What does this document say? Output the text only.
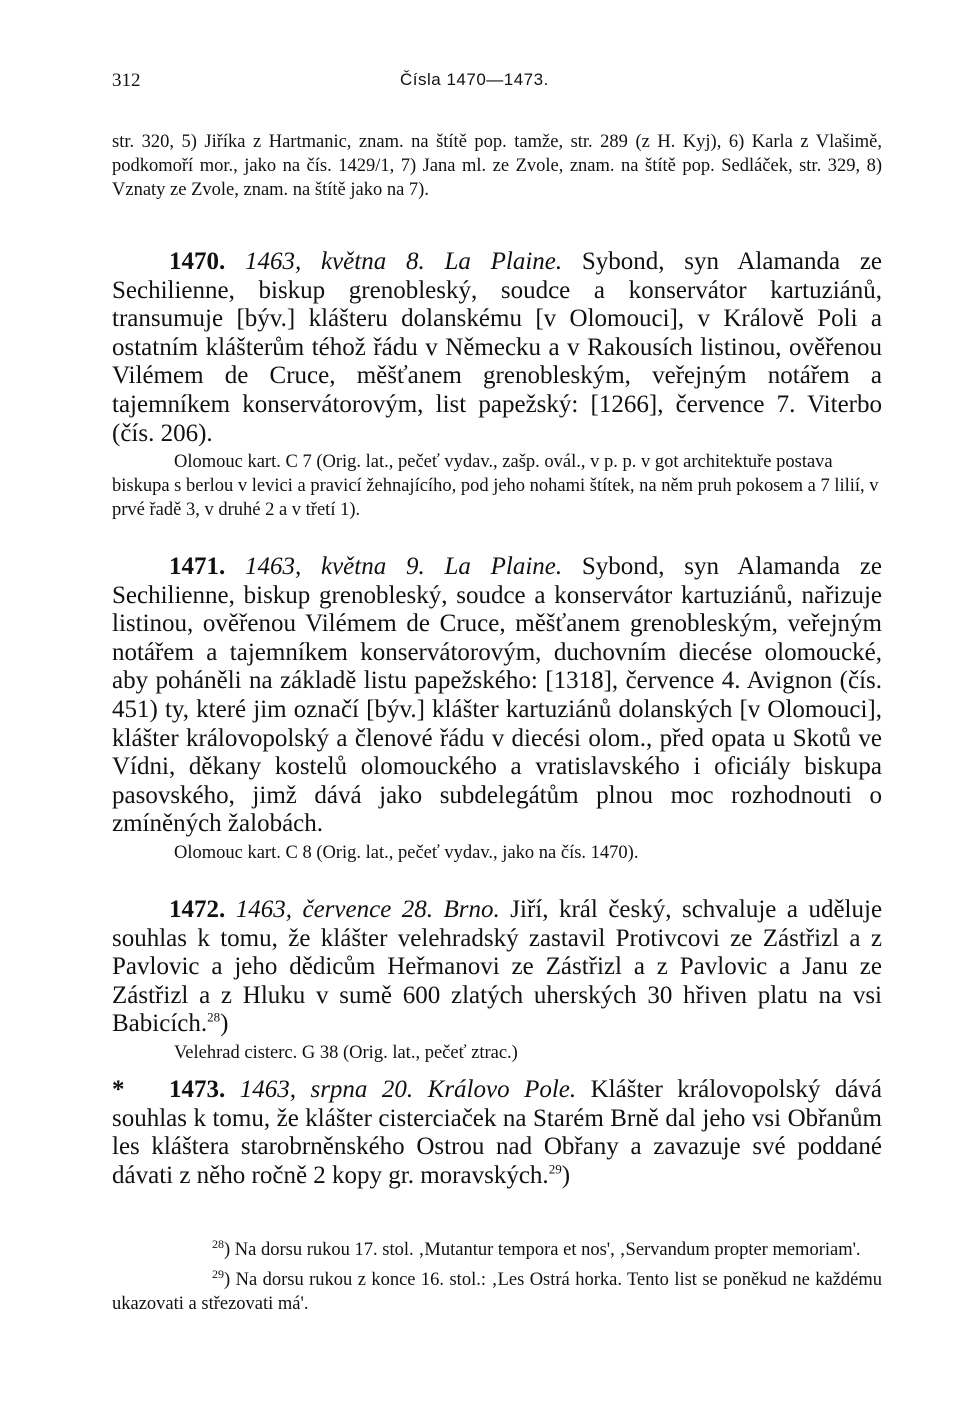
312	Čísla 1470—1473.

str. 320, 5) Jiříka z Hartmanic, znam. na štítě pop. tamže, str. 289 (z H. Kyj), 6) Karla z Vlašimě, podkomoří mor., jako na čís. 1429/1, 7) Jana ml. ze Zvole, znam. na štítě pop. Sedláček, str. 329, 8) Vznaty ze Zvole, znam. na štítě jako na 7).

1470. 1463, května 8. La Plaine. Sybond, syn Alamanda ze Sechilienne, biskup grenobleský, soudce a konservátor kartuziánů, transumuje [býv.] klášteru dolanskému [v Olomouci], v Králově Poli a ostatním klášterům téhož řádu v Německu a v Rakousích listinou, ověřenou Vilémem de Cruce, měšťanem grenobleským, veřejným notářem a tajemníkem konservátorovým, list papežský: [1266], července 7. Viterbo (čís. 206).

Olomouc kart. C 7 (Orig. lat., pečeť vydav., zašp. ovál., v p. p. v got architektuře postava biskupa s berlou v levici a pravicí žehnajícího, pod jeho nohami štítek, na něm pruh pokosem a 7 lilií, v prvé řadě 3, v druhé 2 a v třetí 1).

1471. 1463, května 9. La Plaine. Sybond, syn Alamanda ze Sechilienne, biskup grenobleský, soudce a konservátor kartuziánů, nařizuje listinou, ověřenou Vilémem de Cruce, měšťanem grenobleským, veřejným notářem a tajemníkem konservátorovým, duchovním diecése olomoucké, aby poháněli na základě listu papežského: [1318], července 4. Avignon (čís. 451) ty, které jim označí [býv.] klášter kartuziánů dolanských [v Olomouci], klášter královopolský a členové řádu v diecési olom., před opata u Skotů ve Vídni, děkany kostelů olomouckého a vratislavského i oficiály biskupa pasovského, jimž dává jako subdelegátům plnou moc rozhodnouti o zmíněných žalobách.

Olomouc kart. C 8 (Orig. lat., pečeť vydav., jako na čís. 1470).

1472. 1463, července 28. Brno. Jiří, král český, schvaluje a uděluje souhlas k tomu, že klášter velehradský zastavil Protivcovi ze Zástřizl a z Pavlovic a jeho dědicům Heřmanovi ze Zástřizl a z Pavlovic a Janu ze Zástřizl a z Hluku v sumě 600 zlatých uherských 30 hřiven platu na vsi Babicích.$^{28}$)

Velehrad cisterc. G 38 (Orig. lat., pečeť ztrac.)

* 1473. 1463, srpna 20. Královo Pole. Klášter královopolský dává souhlas k tomu, že klášter cisterciaček na Starém Brně dal jeho vsi Obřanům les kláštera starobrněnského Ostrou nad Obřany a zavazuje své poddané dávati z něho ročně 2 kopy gr. moravských.$^{29}$)

$^{28}$) Na dorsu rukou 17. stol. ‚Mutantur tempora et nos', ‚Servandum propter memoriam'.

$^{29}$) Na dorsu rukou z konce 16. stol.: ‚Les Ostrá horka. Tento list se poněkud ne každému ukazovati a střezovati má'.
